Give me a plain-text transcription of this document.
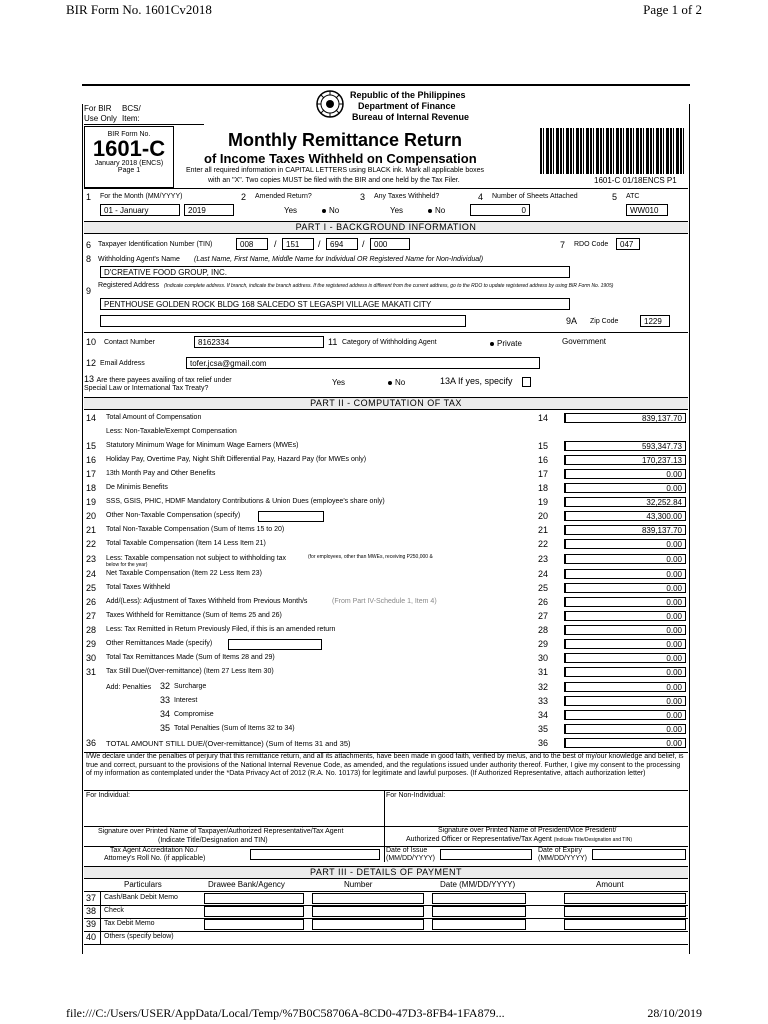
BIR Form No. 1601Cv2018	Page 1 of 2
file:///C:/Users/USER/AppData/Local/Temp/%7B0C58706A-8CD0-47D3-8FB4-1FA879...	28/10/2019
For BIR
Use Only
BCS/
Item:
Republic of the Philippines
Department of Finance
Bureau of Internal Revenue
BIR Form No.
1601-C
January 2018 (ENCS)
Page 1
Monthly Remittance Return
of Income Taxes Withheld on Compensation
Enter all required information in CAPITAL LETTERS using BLACK ink. Mark all applicable boxes
with an "X". Two copies MUST be filed with the BIR and one held by the Tax Filer.	1601-C 01/18ENCS P1
1 For the Month (MM/YYYY)
01 - January	2019
2 Amended Return?
Yes	No
3 Any Taxes Withheld?
Yes	No
4 Number of Sheets Attached
0
5 ATC
WW010
PART I - BACKGROUND INFORMATION
6 Taxpayer Identification Number (TIN)	008	/	151	/	694	/	000	7 RDO Code	047
8 Withholding Agent's Name (Last Name, First Name, Middle Name for Individual OR Registered Name for Non-Individual)
D'CREATIVE FOOD GROUP, INC.
9
Registered Address (Indicate complete address. If branch, indicate the branch address. If the registered address is different from the current address, go to the RDO to update registered address by using BIR Form No. 1905)
PENTHOUSE GOLDEN ROCK BLDG 168 SALCEDO ST LEGASPI VILLAGE MAKATI CITY
9A Zip Code	1229
10 Contact Number	8162334	11 Category of Withholding Agent	Private	Government
12 Email Address	tofer.jcsa@gmail.com
13 Are there payees availing of tax relief under
Special Law or International Tax Treaty?
Yes	No	13A If yes, specify
PART II - COMPUTATION OF TAX
14 Total Amount of Compensation	14	839,137.70
Less: Non-Taxable/Exempt Compensation
15 Statutory Minimum Wage for Minimum Wage Earners (MWEs)	15	593,347.73
16 Holiday Pay, Overtime Pay, Night Shift Differential Pay, Hazard Pay (for MWEs only)	16	170,237.13
17 13th Month Pay and Other Benefits	17	0.00
18 De Minimis Benefits	18	0.00
19 SSS, GSIS, PHIC, HDMF Mandatory Contributions & Union Dues (employee's share only)	19	32,252.84
20 Other Non-Taxable Compensation (specify)	20	43,300.00
21 Total Non-Taxable Compensation (Sum of Items 15 to 20)	21	839,137.70
22 Total Taxable Compensation (Item 14 Less Item 21)	22	0.00
23 Less: Taxable compensation not subject to withholding tax	23	0.00
24 Net Taxable Compensation (Item 22 Less Item 23)	24	0.00
25 Total Taxes Withheld	25	0.00
26 Add/(Less): Adjustment of Taxes Withheld from Previous Month/s	26	0.00
27 Taxes Withheld for Remittance (Sum of Items 25 and 26)	27	0.00
28 Less: Tax Remitted in Return Previously Filed, if this is an amended return	28	0.00
29 Other Remittances Made (specify)	29	0.00
30 Total Tax Remittances Made (Sum of Items 28 and 29)	30	0.00
31 Tax Still Due/(Over-remittance) (Item 27 Less Item 30)	31	0.00
Surcharge
32	32	0.00
Interest
33	33	0.00
Compromise
34	34	0.00
Total Penalties (Sum of Items 32 to 34)
35	35	0.00
36 TOTAL AMOUNT STILL DUE/(Over-remittance) (Sum of Items 31 and 35)	36	0.00
(for employees, other than MWEs, receiving P250,000 &
below for the year)
(From Part IV-Schedule 1, Item 4)
Add: Penalties
I/We declare under the penalties of perjury that this remittance return, and all its attachments, have been made in good faith, verified by me/us, and to the best of my/our knowledge and belief, is true and correct, pursuant to the provisions of the National Internal Revenue Code, as amended, and the regulations issued under authority thereof. Further, I give my consent to the processing of my information as contemplated under the *Data Privacy Act of 2012 (R.A. No. 10173) for legitimate and lawful purposes. (If Authorized Representative, attach authorization letter)
For Individual:	For Non-Individual:
Signature over Printed Name of Taxpayer/Authorized Representative/Tax Agent
(Indicate Title/Designation and TIN)
Signature over Printed Name of President/Vice President/
Authorized Officer or Representative/Tax Agent (Indicate Title/Designation and TIN)
Tax Agent Accreditation No./
Attorney's Roll No. (if applicable)
Date of Issue
(MM/DD/YYYY)
Date of Expiry
(MM/DD/YYYY)
PART III - DETAILS OF PAYMENT
Particulars	Drawee Bank/Agency	Number	Date (MM/DD/YYYY)	Amount
37 Cash/Bank Debit Memo
38 Check
39 Tax Debit Memo
40 Others (specify below)
